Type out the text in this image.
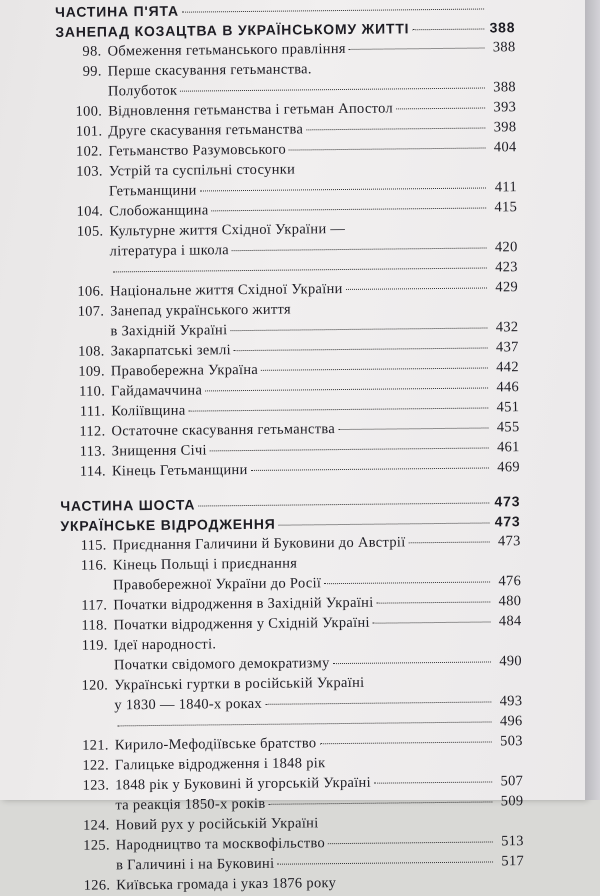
ЧАСТИНА П'ЯТА
ЗАНЕПАД КОЗАЦТВА В УКРАЇНСЬКОМУ ЖИТТІ	388
98. Обмеження гетьманського правління	388
99. Перше скасування гетьманства.
Полуботок	388
100. Відновлення гетьманства і гетьман Апостол	393
101. Друге скасування гетьманства	398
102. Гетьманство Разумовського	404
103. Устрій та суспільні стосунки
Гетьманщини	411
104. Слобожанщина	415
105. Культурне життя Східної України —
література і школа	420
423
106. Національне життя Східної України	429
107. Занепад українського життя
в Західній Україні	432
108. Закарпатські землі	437
109. Правобережна Україна	442
110. Гайдамаччина	446
111. Коліївщина	451
112. Остаточне скасування гетьманства	455
113. Знищення Січі	461
114. Кінець Гетьманщини	469
ЧАСТИНА ШОСТА	473
УКРАЇНСЬКЕ ВІДРОДЖЕННЯ	473
115. Приєднання Галичини й Буковини до Австрії	473
116. Кінець Польщі і приєднання
Правобережної України до Росії	476
117. Початки відродження в Західній Україні	480
118. Початки відродження у Східній Україні	484
119. Ідеї народності.
Початки свідомого демократизму	490
120. Українські гуртки в російській Україні
у 1830 — 1840-х роках	493
496
121. Кирило-Мефодіївське братство	503
122. Галицьке відродження і 1848 рік
123. 1848 рік у Буковині й угорській Україні	507
та реакція 1850-х років	509
124. Новий рух у російській Україні
125. Народництво та москвофільство	513
в Галичині і на Буковині	517
126. Київська громада і указ 1876 року
